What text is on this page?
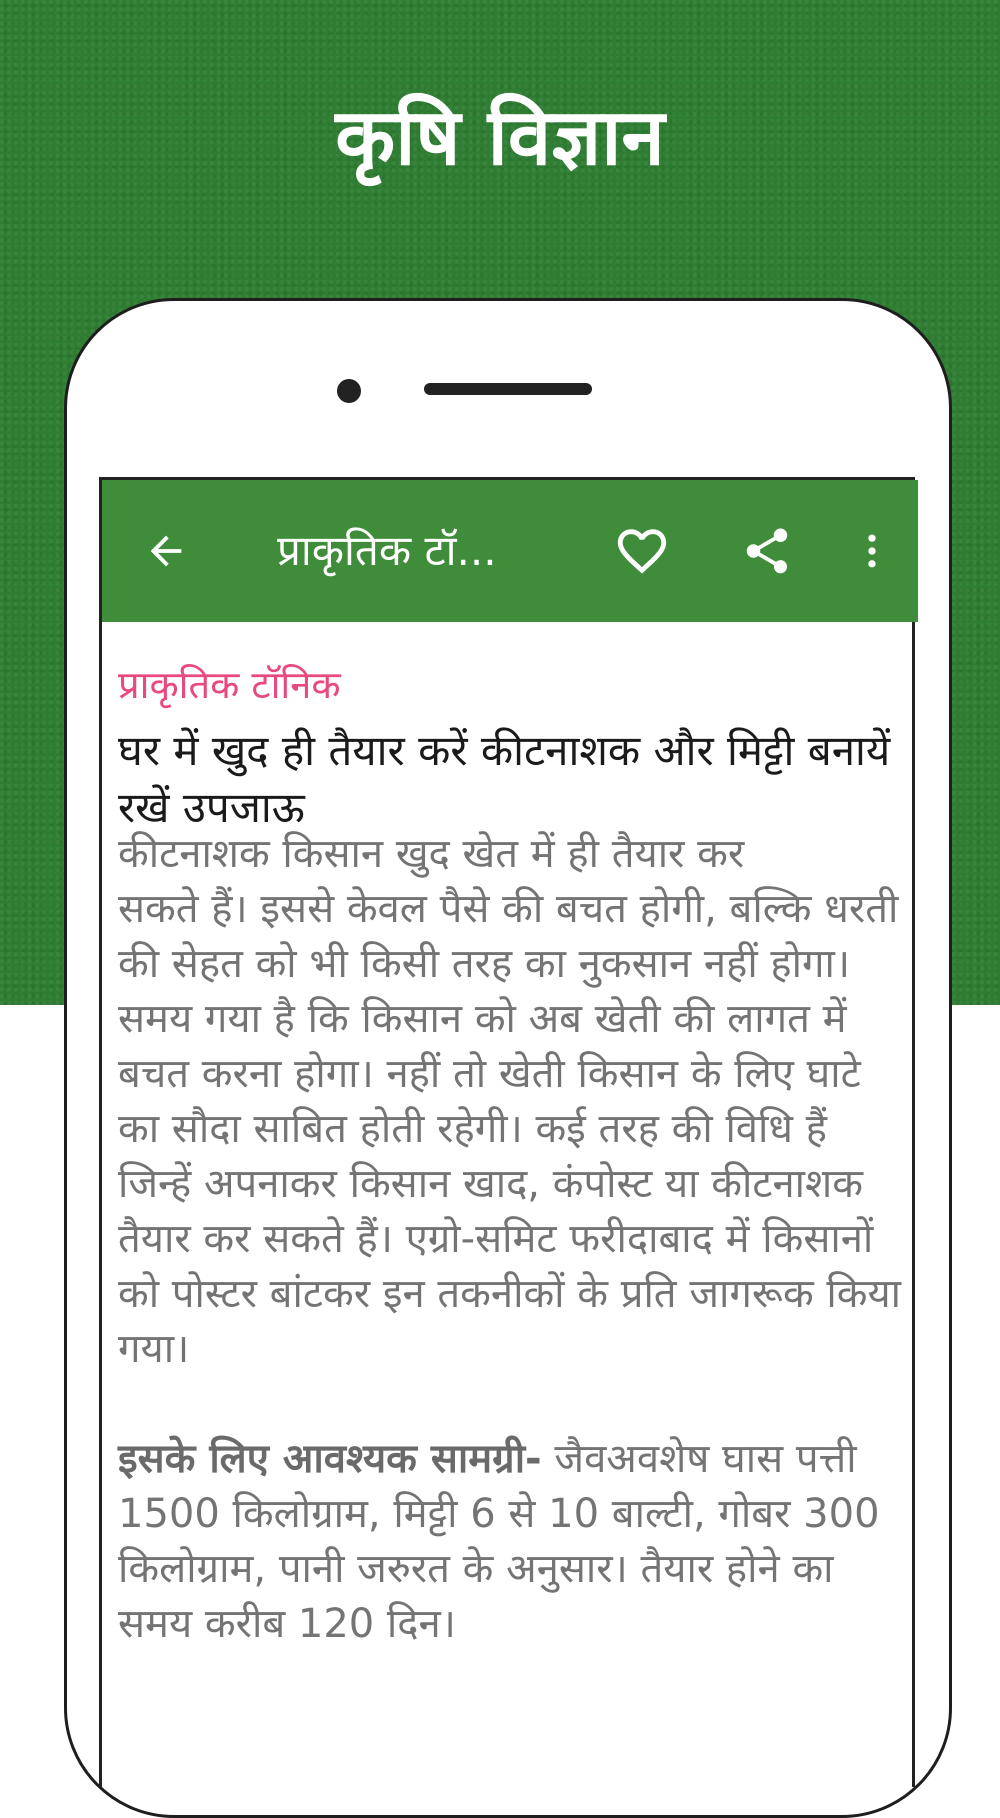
कृषि विज्ञान
प्राकृतिक टॉ...
प्राकृतिक टॉनिक
घर में खुद ही तैयार करें कीटनाशक और मिट्टी बनायें रखें उपजाऊ

कीटनाशक किसान खुद खेत में ही तैयार कर

सकते हैं। इससे केवल पैसे की बचत होगी, बल्कि धरती की सेहत को भी किसी तरह का नुकसान नहीं होगा। समय गया है कि किसान को अब खेती की लागत में बचत करना होगा। नहीं तो खेती किसान के लिए घाटे का सौदा साबित होती रहेगी। कई तरह की विधि हैं जिन्हें अपनाकर किसान खाद, कंपोस्ट या कीटनाशक तैयार कर सकते हैं। एग्रो-समिट फरीदाबाद में किसानों को पोस्टर बांटकर इन तकनीकों के प्रति जागरूक किया गया।

इसके लिए आवश्यक सामग्री- जैवअवशेष घास पत्ती 1500 किलोग्राम, मिट्टी 6 से 10 बाल्टी, गोबर 300 किलोग्राम, पानी जरुरत के अनुसार। तैयार होने का समय करीब 120 दिन।
